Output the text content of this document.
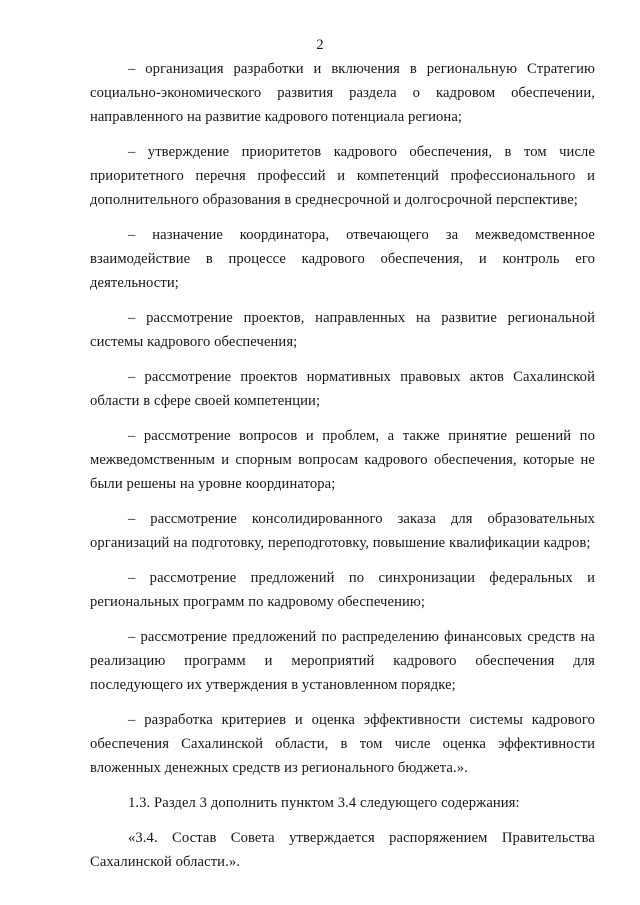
2

– организация разработки и включения в региональную Стратегию социально-экономического развития раздела о кадровом обеспечении, направленного на развитие кадрового потенциала региона;

– утверждение приоритетов кадрового обеспечения, в том числе приоритетного перечня профессий и компетенций профессионального и дополнительного образования в среднесрочной и долгосрочной перспективе;

– назначение координатора, отвечающего за межведомственное взаимодействие в процессе кадрового обеспечения, и контроль его деятельности;

– рассмотрение проектов, направленных на развитие региональной системы кадрового обеспечения;

– рассмотрение проектов нормативных правовых актов Сахалинской области в сфере своей компетенции;

– рассмотрение вопросов и проблем, а также принятие решений по межведомственным и спорным вопросам кадрового обеспечения, которые не были решены на уровне координатора;

– рассмотрение консолидированного заказа для образовательных организаций на подготовку, переподготовку, повышение квалификации кадров;

– рассмотрение предложений по синхронизации федеральных и региональных программ по кадровому обеспечению;

– рассмотрение предложений по распределению финансовых средств на реализацию программ и мероприятий кадрового обеспечения для последующего их утверждения в установленном порядке;

– разработка критериев и оценка эффективности системы кадрового обеспечения Сахалинской области, в том числе оценка эффективности вложенных денежных средств из регионального бюджета.».

1.3. Раздел 3 дополнить пунктом 3.4 следующего содержания:

«3.4. Состав Совета утверждается распоряжением Правительства Сахалинской области.».
